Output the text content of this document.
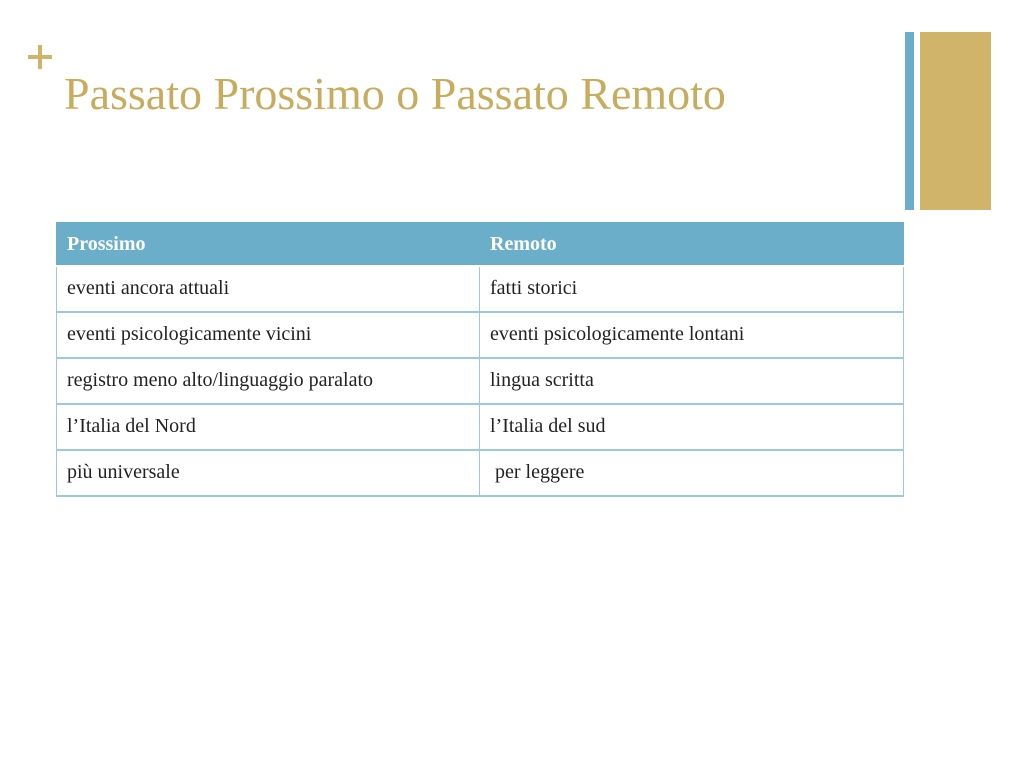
Passato Prossimo o Passato Remoto
Prossimo	Remoto
eventi ancora attuali	fatti storici
eventi psicologicamente vicini	eventi psicologicamente lontani
registro meno alto/linguaggio paralato	lingua scritta
l’Italia del Nord	l’Italia del sud
più universale	per leggere
